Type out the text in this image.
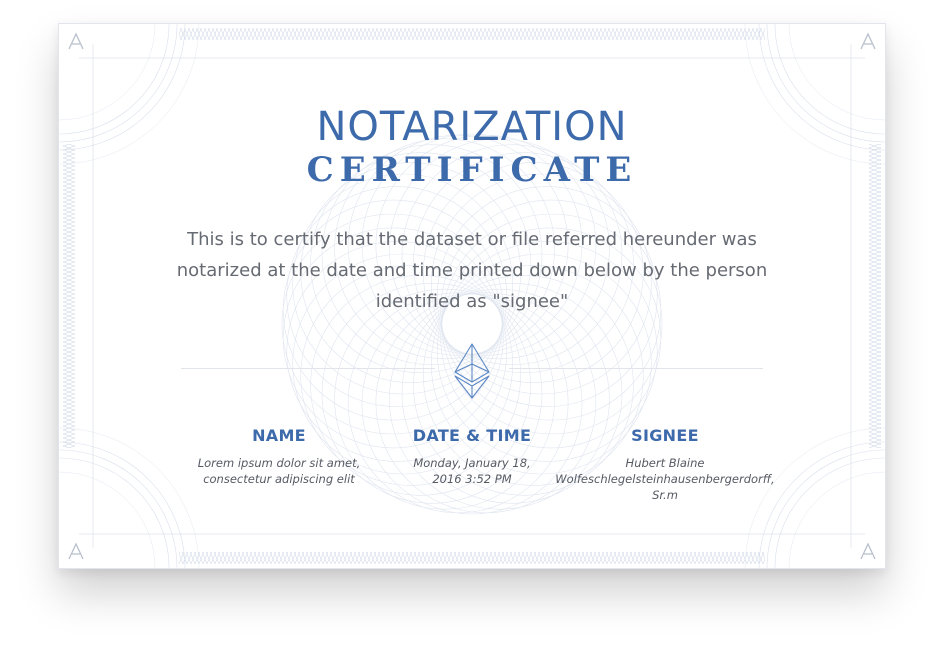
NOTARIZATION
CERTIFICATE
This is to certify that the dataset or file referred hereunder was notarized at the date and time printed down below by the person identified as "signee"
NAME
Lorem ipsum dolor sit amet, consectetur adipiscing elit
DATE & TIME
Monday, January 18, 2016 3:52 PM
SIGNEE
Hubert Blaine Wolfeschlegelsteinhausenbergerdorff, Sr.m
